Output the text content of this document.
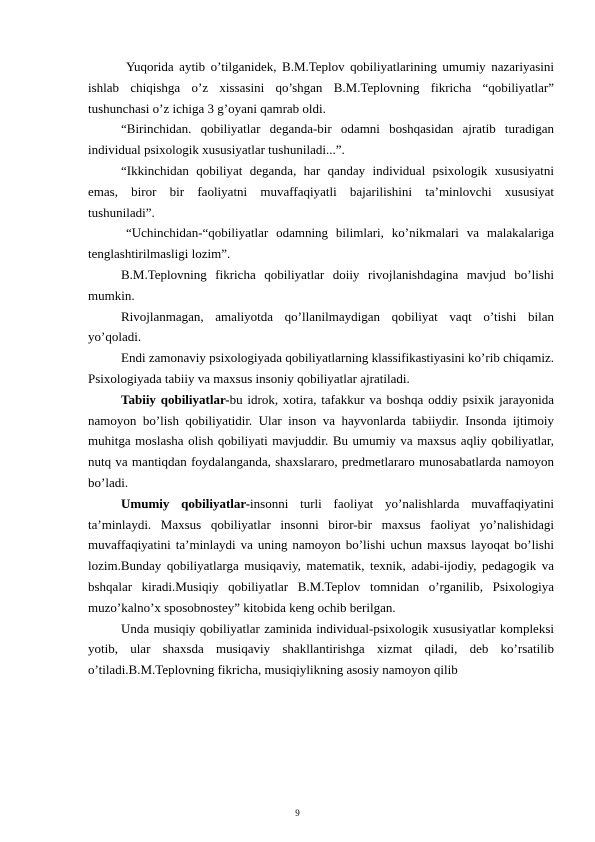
Yuqorida aytib o’tilganidek, B.M.Teplov qobiliyatlarining umumiy nazariyasini ishlab chiqishga o’z xissasini qo’shgan B.M.Teplovning fikricha “qobiliyatlar” tushunchasi o’z ichiga 3 g’oyani qamrab oldi.

“Birinchidan. qobiliyatlar deganda-bir odamni boshqasidan ajratib turadigan individual psixologik xususiyatlar tushuniladi...”.

“Ikkinchidan qobiliyat deganda, har qanday individual psixologik xususiyatni emas, biror bir faoliyatni muvaffaqiyatli bajarilishini ta’minlovchi xususiyat tushuniladi”.

“Uchinchidan-“qobiliyatlar odamning bilimlari, ko’nikmalari va malakalariga tenglashtirilmasligi lozim”.

B.M.Teplovning fikricha qobiliyatlar doiiy rivojlanishdagina mavjud bo’lishi mumkin.

Rivojlanmagan, amaliyotda qo’llanilmaydigan qobiliyat vaqt o’tishi bilan yo’qoladi.

Endi zamonaviy psixologiyada qobiliyatlarning klassifikastiyasini ko’rib chiqamiz. Psixologiyada tabiiy va maxsus insoniy qobiliyatlar ajratiladi.

Tabiiy qobiliyatlar-bu idrok, xotira, tafakkur va boshqa oddiy psixik jarayonida namoyon bo’lish qobiliyatidir. Ular inson va hayvonlarda tabiiydir. Insonda ijtimoiy muhitga moslasha olish qobiliyati mavjuddir. Bu umumiy va maxsus aqliy qobiliyatlar, nutq va mantiqdan foydalanganda, shaxslararo, predmetlararo munosabatlarda namoyon bo’ladi.

Umumiy qobiliyatlar-insonni turli faoliyat yo’nalishlarda muvaffaqiyatini ta’minlaydi. Maxsus qobiliyatlar insonni biror-bir maxsus faoliyat yo’nalishidagi muvaffaqiyatini ta’minlaydi va uning namoyon bo’lishi uchun maxsus layoqat bo’lishi lozim.Bunday qobiliyatlarga musiqaviy, matematik, texnik, adabi-ijodiy, pedagogik va bshqalar kiradi.Musiqiy qobiliyatlar B.M.Teplov tomnidan o’rganilib, Psixologiya muzo’kalno’x sposobnostey” kitobida keng ochib berilgan.

Unda musiqiy qobiliyatlar zaminida individual-psixologik xususiyatlar kompleksi yotib, ular shaxsda musiqaviy shakllantirishga xizmat qiladi, deb ko’rsatilib o’tiladi.B.M.Teplovning fikricha, musiqiylikning asosiy namoyon qilib

9
